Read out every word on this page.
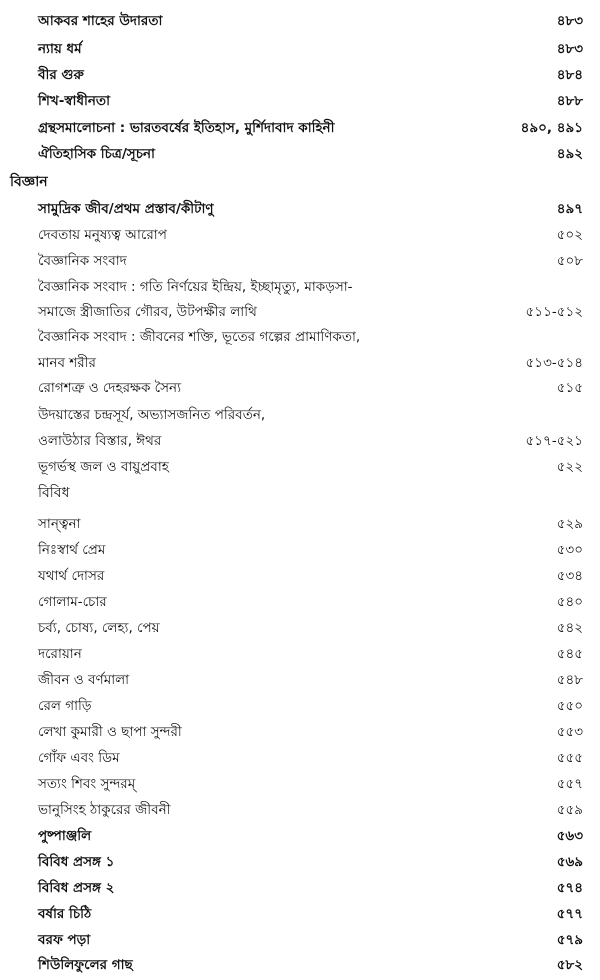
আকবর শাহের উদারতা	৪৮৩
ন্যায় ধর্ম	৪৮৩
বীর গুরু	৪৮৪
শিখ-স্বাধীনতা	৪৮৮
গ্রন্থসমালোচনা : ভারতবর্ষের ইতিহাস, মুর্শিদাবাদ কাহিনী	৪৯০, ৪৯১
ঐতিহাসিক চিত্র/সূচনা	৪৯২
বিজ্ঞান
সামুদ্রিক জীব/প্রথম প্রস্তাব/কীটাণু	৪৯৭
দেবতায় মনুষ্যত্ব আরোপ	৫০২
বৈজ্ঞানিক সংবাদ	৫০৮
বৈজ্ঞানিক সংবাদ : গতি নির্ণয়ের ইন্দ্রিয়, ইচ্ছামৃত্যু, মাকড়সা-
সমাজে স্ত্রীজাতির গৌরব, উটপক্ষীর লাথি	৫১১-৫১২
বৈজ্ঞানিক সংবাদ : জীবনের শক্তি, ভূতের গল্পের প্রামাণিকতা,
মানব শরীর	৫১৩-৫১৪
রোগশত্রু ও দেহরক্ষক সৈন্য	৫১৫
উদয়াস্তের চন্দ্রসূর্য, অভ্যাসজনিত পরিবর্তন,
ওলাউঠার বিস্তার, ঈথর	৫১৭-৫২১
ভূগর্ভস্থ জল ও বায়ুপ্রবাহ	৫২২
বিবিধ
সান্ত্বনা	৫২৯
নিঃস্বার্থ প্রেম	৫৩০
যথার্থ দোসর	৫৩৪
গোলাম-চোর	৫৪০
চর্ব্য, চোষ্য, লেহ্য, পেয়	৫৪২
দরোয়ান	৫৪৫
জীবন ও বর্ণমালা	৫৪৮
রেল গাড়ি	৫৫০
লেখা কুমারী ও ছাপা সুন্দরী	৫৫৩
গোঁফ এবং ডিম	৫৫৫
সত্যং শিবং সুন্দরম্	৫৫৭
ভানুসিংহ ঠাকুরের জীবনী	৫৫৯
পুষ্পাঞ্জলি	৫৬৩
বিবিধ প্রসঙ্গ ১	৫৬৯
বিবিধ প্রসঙ্গ ২	৫৭৪
বর্ষার চিঠি	৫৭৭
বরফ পড়া	৫৭৯
শিউলিফুলের গাছ	৫৮২
